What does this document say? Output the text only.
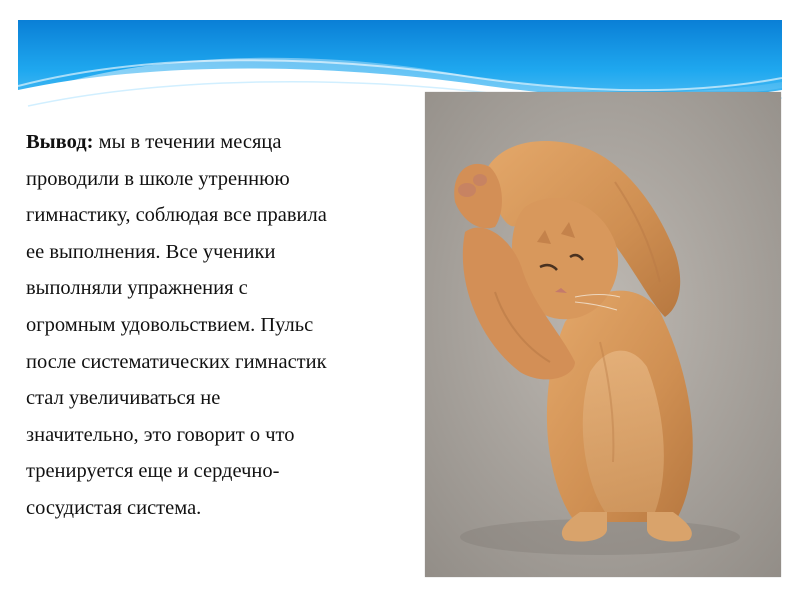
Вывод: мы в течении месяца
проводили в школе утреннюю
гимнастику, соблюдая все правила
ее выполнения. Все ученики
выполняли упражнения с
огромным удовольствием. Пульс
после систематических гимнастик
стал увеличиваться не
значительно, это говорит о что
тренируется еще и сердечно-
сосудистая система.
